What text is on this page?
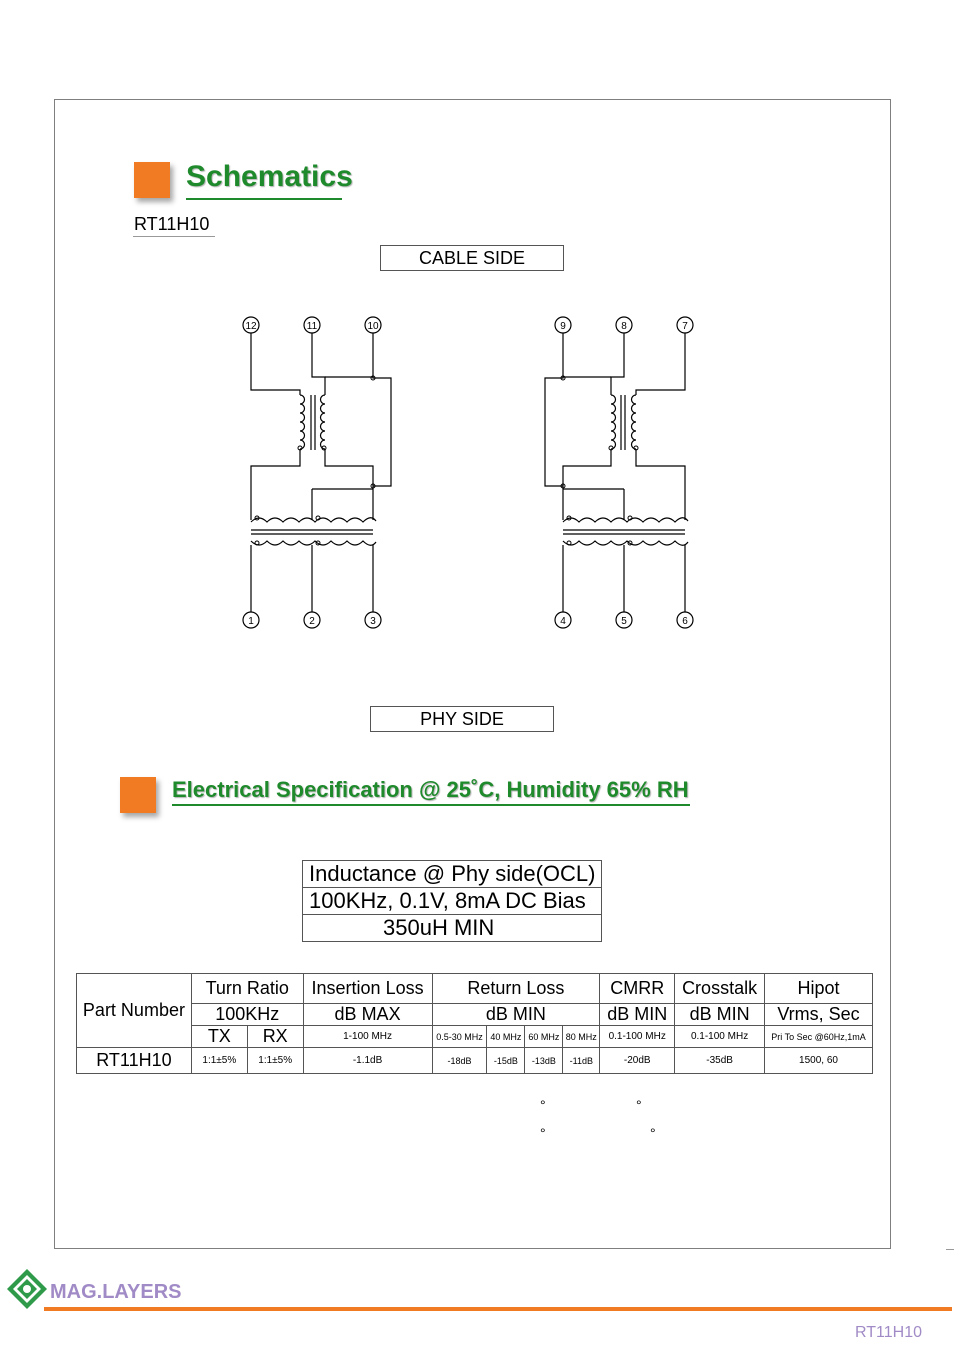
Schematics
RT11H10
CABLE SIDE
PHY SIDE
12	11	10	9	8	7
1	2	3	4	5	6
Electrical Specification @ 25˚C, Humidity 65% RH
Inductance @ Phy side(OCL)
100KHz, 0.1V, 8mA DC Bias
350uH MIN
Part Number	Turn Ratio		Insertion Loss	Return Loss				CMRR	Crosstalk	Hipot
	100KHz		dB MAX	dB MIN				dB MIN	dB MIN	Vrms, Sec
	TX	RX	1-100 MHz	0.5-30 MHz	40 MHz	60 MHz	80 MHz	0.1-100 MHz	0.1-100 MHz	Pri To Sec @60Hz,1mA
RT11H10	1:1±5%	1:1±5%	-1.1dB	-18dB	-15dB	-13dB	-11dB	-20dB	-35dB	1500, 60
°	°
°	°
MAG.LAYERS
RT11H10
